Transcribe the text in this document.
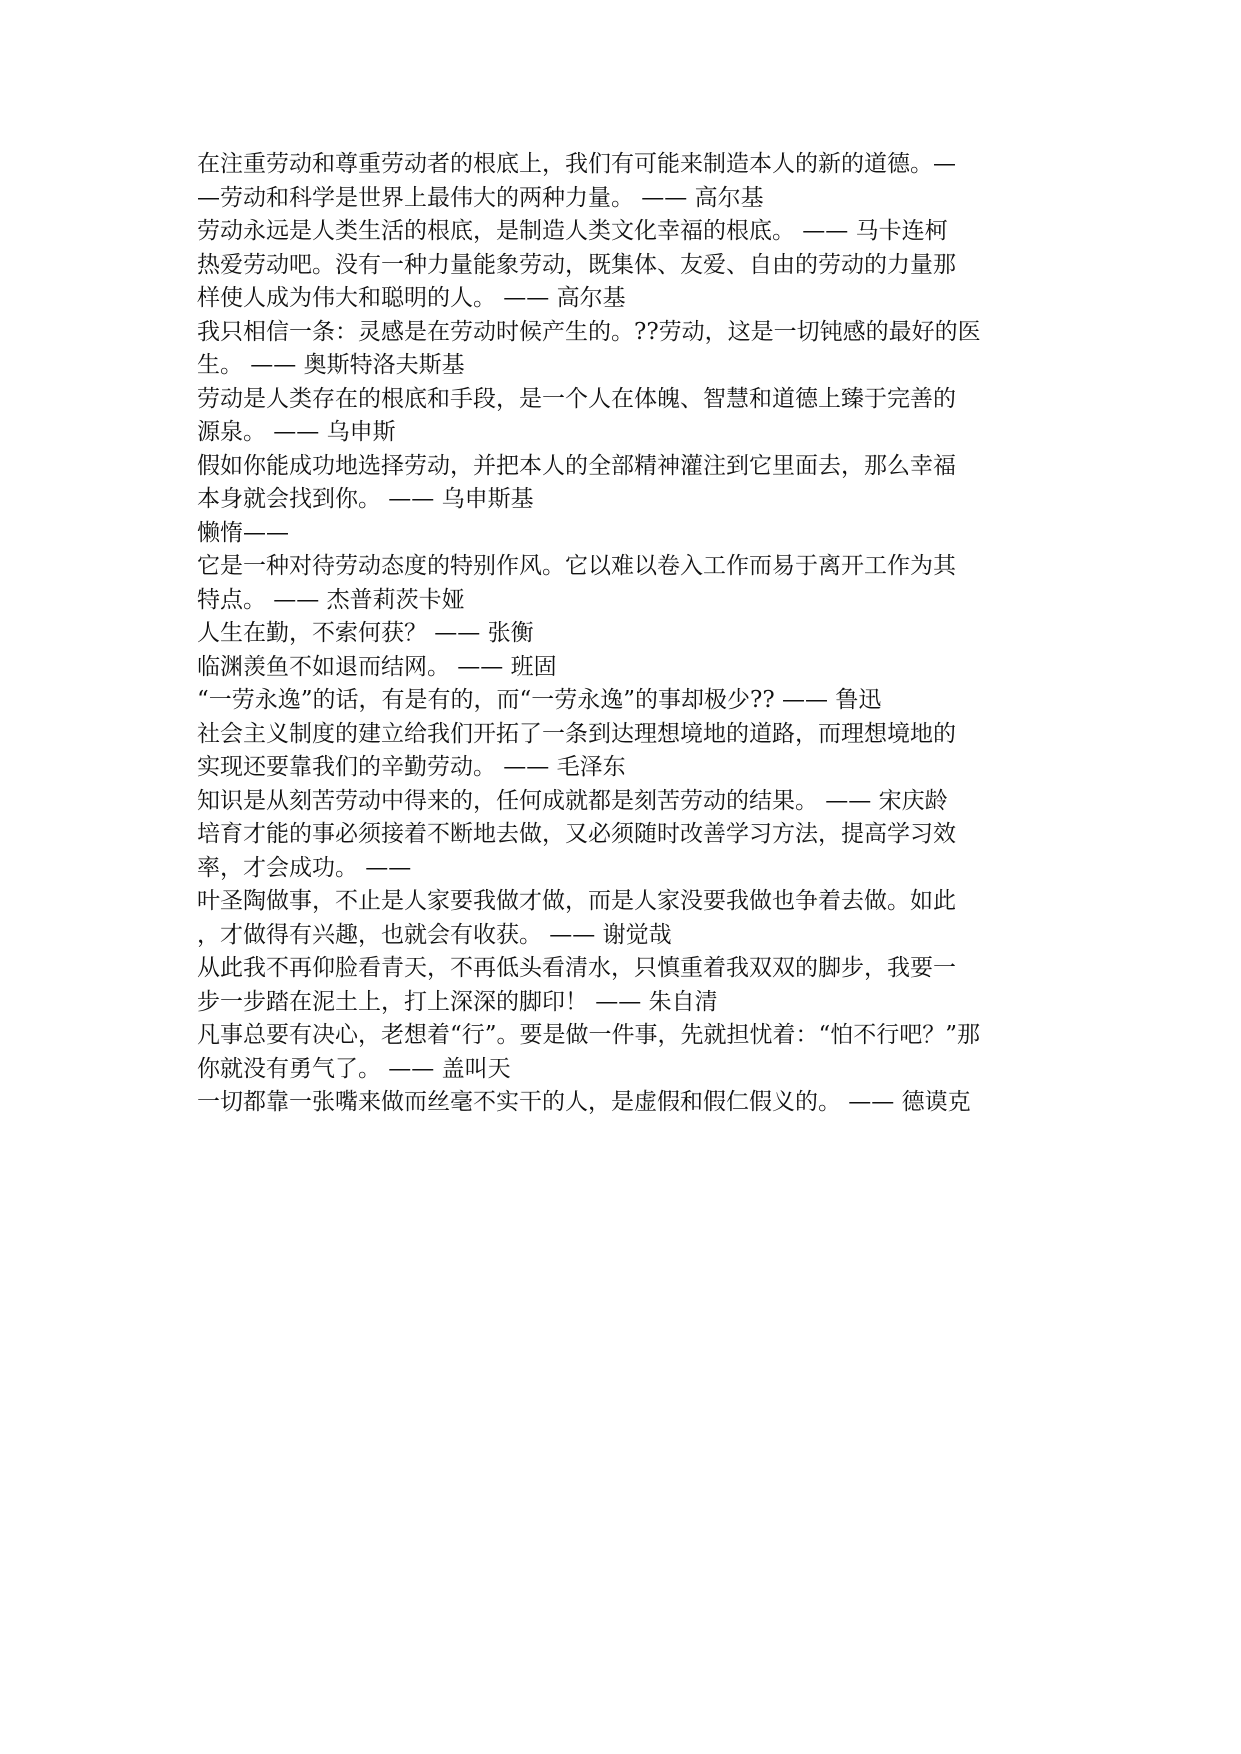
在注重劳动和尊重劳动者的根底上，我们有可能来制造本人的新的道德。—
—劳动和科学是世界上最伟大的两种力量。 —— 高尔基
劳动永远是人类生活的根底，是制造人类文化幸福的根底。 —— 马卡连柯
热爱劳动吧。没有一种力量能象劳动，既集体、友爱、自由的劳动的力量那
样使人成为伟大和聪明的人。 —— 高尔基
我只相信一条：灵感是在劳动时候产生的。??劳动，这是一切钝感的最好的医
生。 —— 奥斯特洛夫斯基
劳动是人类存在的根底和手段，是一个人在体魄、智慧和道德上臻于完善的
源泉。 —— 乌申斯
假如你能成功地选择劳动，并把本人的全部精神灌注到它里面去，那么幸福
本身就会找到你。 —— 乌申斯基
懒惰——
它是一种对待劳动态度的特别作风。它以难以卷入工作而易于离开工作为其
特点。 —— 杰普莉茨卡娅
人生在勤，不索何获？ —— 张衡
临渊羡鱼不如退而结网。 —— 班固
“一劳永逸”的话，有是有的，而“一劳永逸”的事却极少?? —— 鲁迅
社会主义制度的建立给我们开拓了一条到达理想境地的道路，而理想境地的
实现还要靠我们的辛勤劳动。 —— 毛泽东
知识是从刻苦劳动中得来的，任何成就都是刻苦劳动的结果。 —— 宋庆龄
培育才能的事必须接着不断地去做，又必须随时改善学习方法，提高学习效
率，才会成功。 ——
叶圣陶做事，不止是人家要我做才做，而是人家没要我做也争着去做。如此
，才做得有兴趣，也就会有收获。 —— 谢觉哉
从此我不再仰脸看青天，不再低头看清水，只慎重着我双双的脚步，我要一
步一步踏在泥土上，打上深深的脚印！ —— 朱自清
凡事总要有决心，老想着“行”。要是做一件事，先就担忧着：“怕不行吧？”那
你就没有勇气了。 —— 盖叫天
一切都靠一张嘴来做而丝毫不实干的人，是虚假和假仁假义的。 —— 德谟克
